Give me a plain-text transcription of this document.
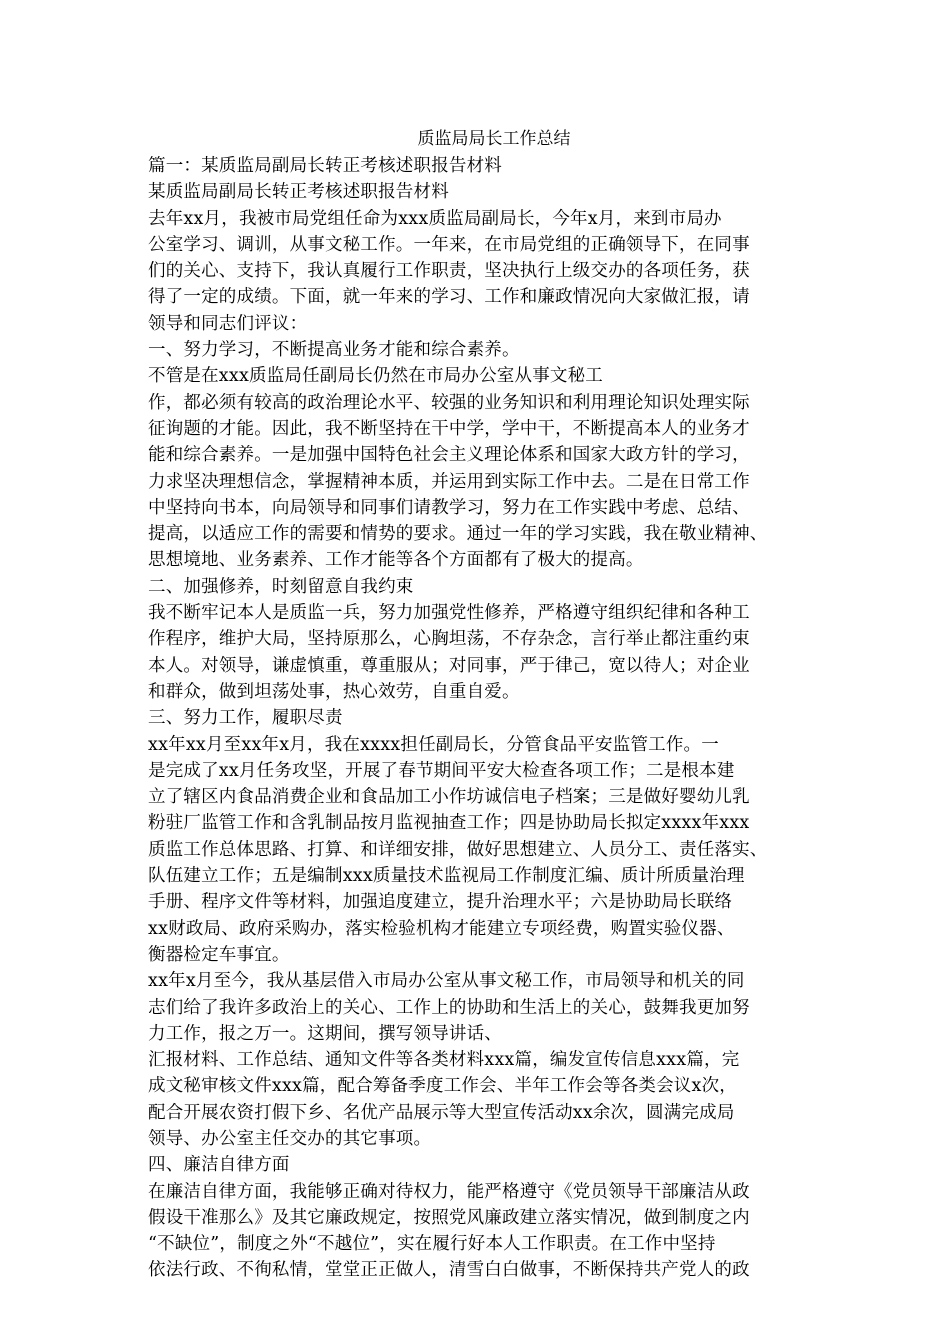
质监局局长工作总结

篇一：某质监局副局长转正考核述职报告材料

某质监局副局长转正考核述职报告材料

去年xx月，我被市局党组任命为xxx质监局副局长，今年x月，来到市局办

公室学习、调训，从事文秘工作。一年来，在市局党组的正确领导下，在同事

们的关心、支持下，我认真履行工作职责，坚决执行上级交办的各项任务，获

得了一定的成绩。下面，就一年来的学习、工作和廉政情况向大家做汇报，请

领导和同志们评议：

一、努力学习，不断提高业务才能和综合素养。

不管是在xxx质监局任副局长仍然在市局办公室从事文秘工

作，都必须有较高的政治理论水平、较强的业务知识和利用理论知识处理实际

征询题的才能。因此，我不断坚持在干中学，学中干，不断提高本人的业务才

能和综合素养。一是加强中国特色社会主义理论体系和国家大政方针的学习，

力求坚决理想信念，掌握精神本质，并运用到实际工作中去。二是在日常工作

中坚持向书本，向局领导和同事们请教学习，努力在工作实践中考虑、总结、

提高，以适应工作的需要和情势的要求。通过一年的学习实践，我在敬业精神、

思想境地、业务素养、工作才能等各个方面都有了极大的提高。

二、加强修养，时刻留意自我约束

我不断牢记本人是质监一兵，努力加强党性修养，严格遵守组织纪律和各种工

作程序，维护大局，坚持原那么，心胸坦荡，不存杂念，言行举止都注重约束

本人。对领导，谦虚慎重，尊重服从；对同事，严于律己，宽以待人；对企业

和群众，做到坦荡处事，热心效劳，自重自爱。

三、努力工作，履职尽责

xx年xx月至xx年x月，我在xxxx担任副局长，分管食品平安监管工作。一

是完成了xx月任务攻坚，开展了春节期间平安大检查各项工作；二是根本建

立了辖区内食品消费企业和食品加工小作坊诚信电子档案；三是做好婴幼儿乳

粉驻厂监管工作和含乳制品按月监视抽查工作；四是协助局长拟定xxxx年xxx

质监工作总体思路、打算、和详细安排，做好思想建立、人员分工、责任落实、

队伍建立工作；五是编制xxx质量技术监视局工作制度汇编、质计所质量治理

手册、程序文件等材料，加强追度建立，提升治理水平；六是协助局长联络

xx财政局、政府采购办，落实检验机构才能建立专项经费，购置实验仪器、

衡器检定车事宜。

xx年x月至今，我从基层借入市局办公室从事文秘工作，市局领导和机关的同

志们给了我许多政治上的关心、工作上的协助和生活上的关心，鼓舞我更加努

力工作，报之万一。这期间，撰写领导讲话、

汇报材料、工作总结、通知文件等各类材料xxx篇，编发宣传信息xxx篇，完

成文秘审核文件xxx篇，配合筹备季度工作会、半年工作会等各类会议x次，

配合开展农资打假下乡、名优产品展示等大型宣传活动xx余次，圆满完成局

领导、办公室主任交办的其它事项。

四、廉洁自律方面

在廉洁自律方面，我能够正确对待权力，能严格遵守《党员领导干部廉洁从政

假设干准那么》及其它廉政规定，按照党风廉政建立落实情况，做到制度之内

“不缺位”，制度之外“不越位”，实在履行好本人工作职责。在工作中坚持

依法行政、不徇私情，堂堂正正做人，清雪白白做事，不断保持共产党人的政
